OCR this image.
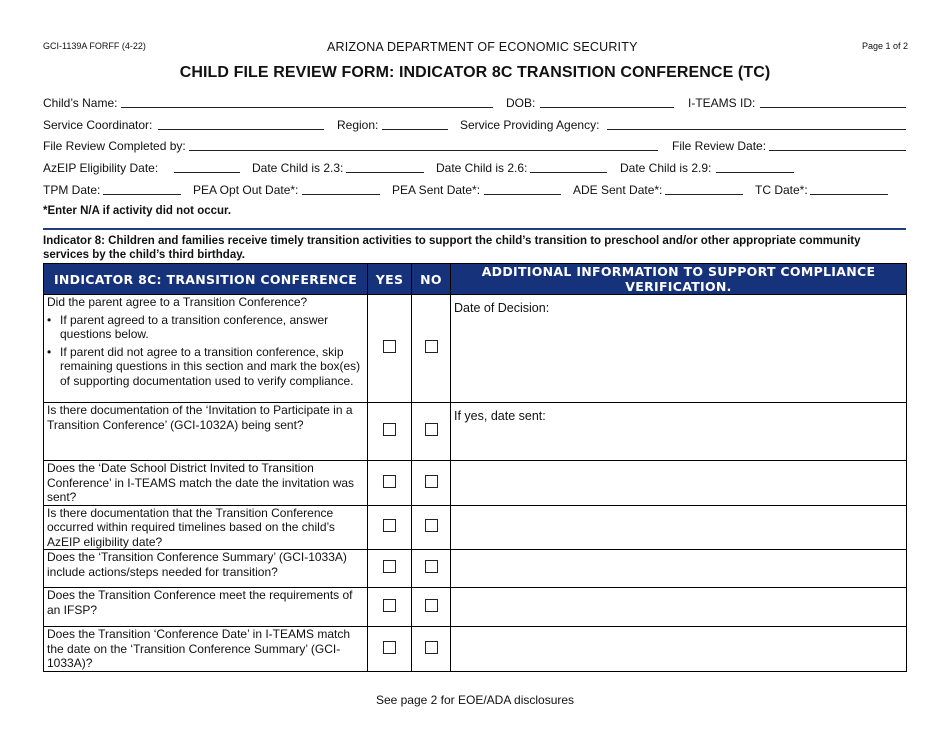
GCI-1139A FORFF (4-22)	ARIZONA DEPARTMENT OF ECONOMIC SECURITY	Page 1 of 2
CHILD FILE REVIEW FORM: INDICATOR 8C TRANSITION CONFERENCE (TC)
Child’s Name:	DOB:	I-TEAMS ID:
Service Coordinator:	Region:	Service Providing Agency:
File Review Completed by:	File Review Date:
AzEIP Eligibility Date:	Date Child is 2.3:	Date Child is 2.6:	Date Child is 2.9:
TPM Date:	PEA Opt Out Date*:	PEA Sent Date*:	ADE Sent Date*:	TC Date*:
*Enter N/A if activity did not occur.
Indicator 8: Children and families receive timely transition activities to support the child’s transition to preschool and/or other appropriate community services by the child’s third birthday.
INDICATOR 8C: TRANSITION CONFERENCE	YES	NO	ADDITIONAL INFORMATION TO SUPPORT COMPLIANCE VERIFICATION.

Did the parent agree to a Transition Conference?
• If parent agreed to a transition conference, answer questions below.
• If parent did not agree to a transition conference, skip remaining questions in this section and mark the box(es) of supporting documentation used to verify compliance.			Date of Decision:
Is there documentation of the ‘Invitation to Participate in a Transition Conference’ (GCI-1032A) being sent?			If yes, date sent:
Does the ‘Date School District Invited to Transition Conference’ in I-TEAMS match the date the invitation was sent?			
Is there documentation that the Transition Conference occurred within required timelines based on the child’s AzEIP eligibility date?			
Does the ‘Transition Conference Summary’ (GCI-1033A) include actions/steps needed for transition?			
Does the Transition Conference meet the requirements of an IFSP?			
Does the Transition ‘Conference Date’ in I-TEAMS match the date on the ‘Transition Conference Summary’ (GCI-1033A)?			
See page 2 for EOE/ADA disclosures
